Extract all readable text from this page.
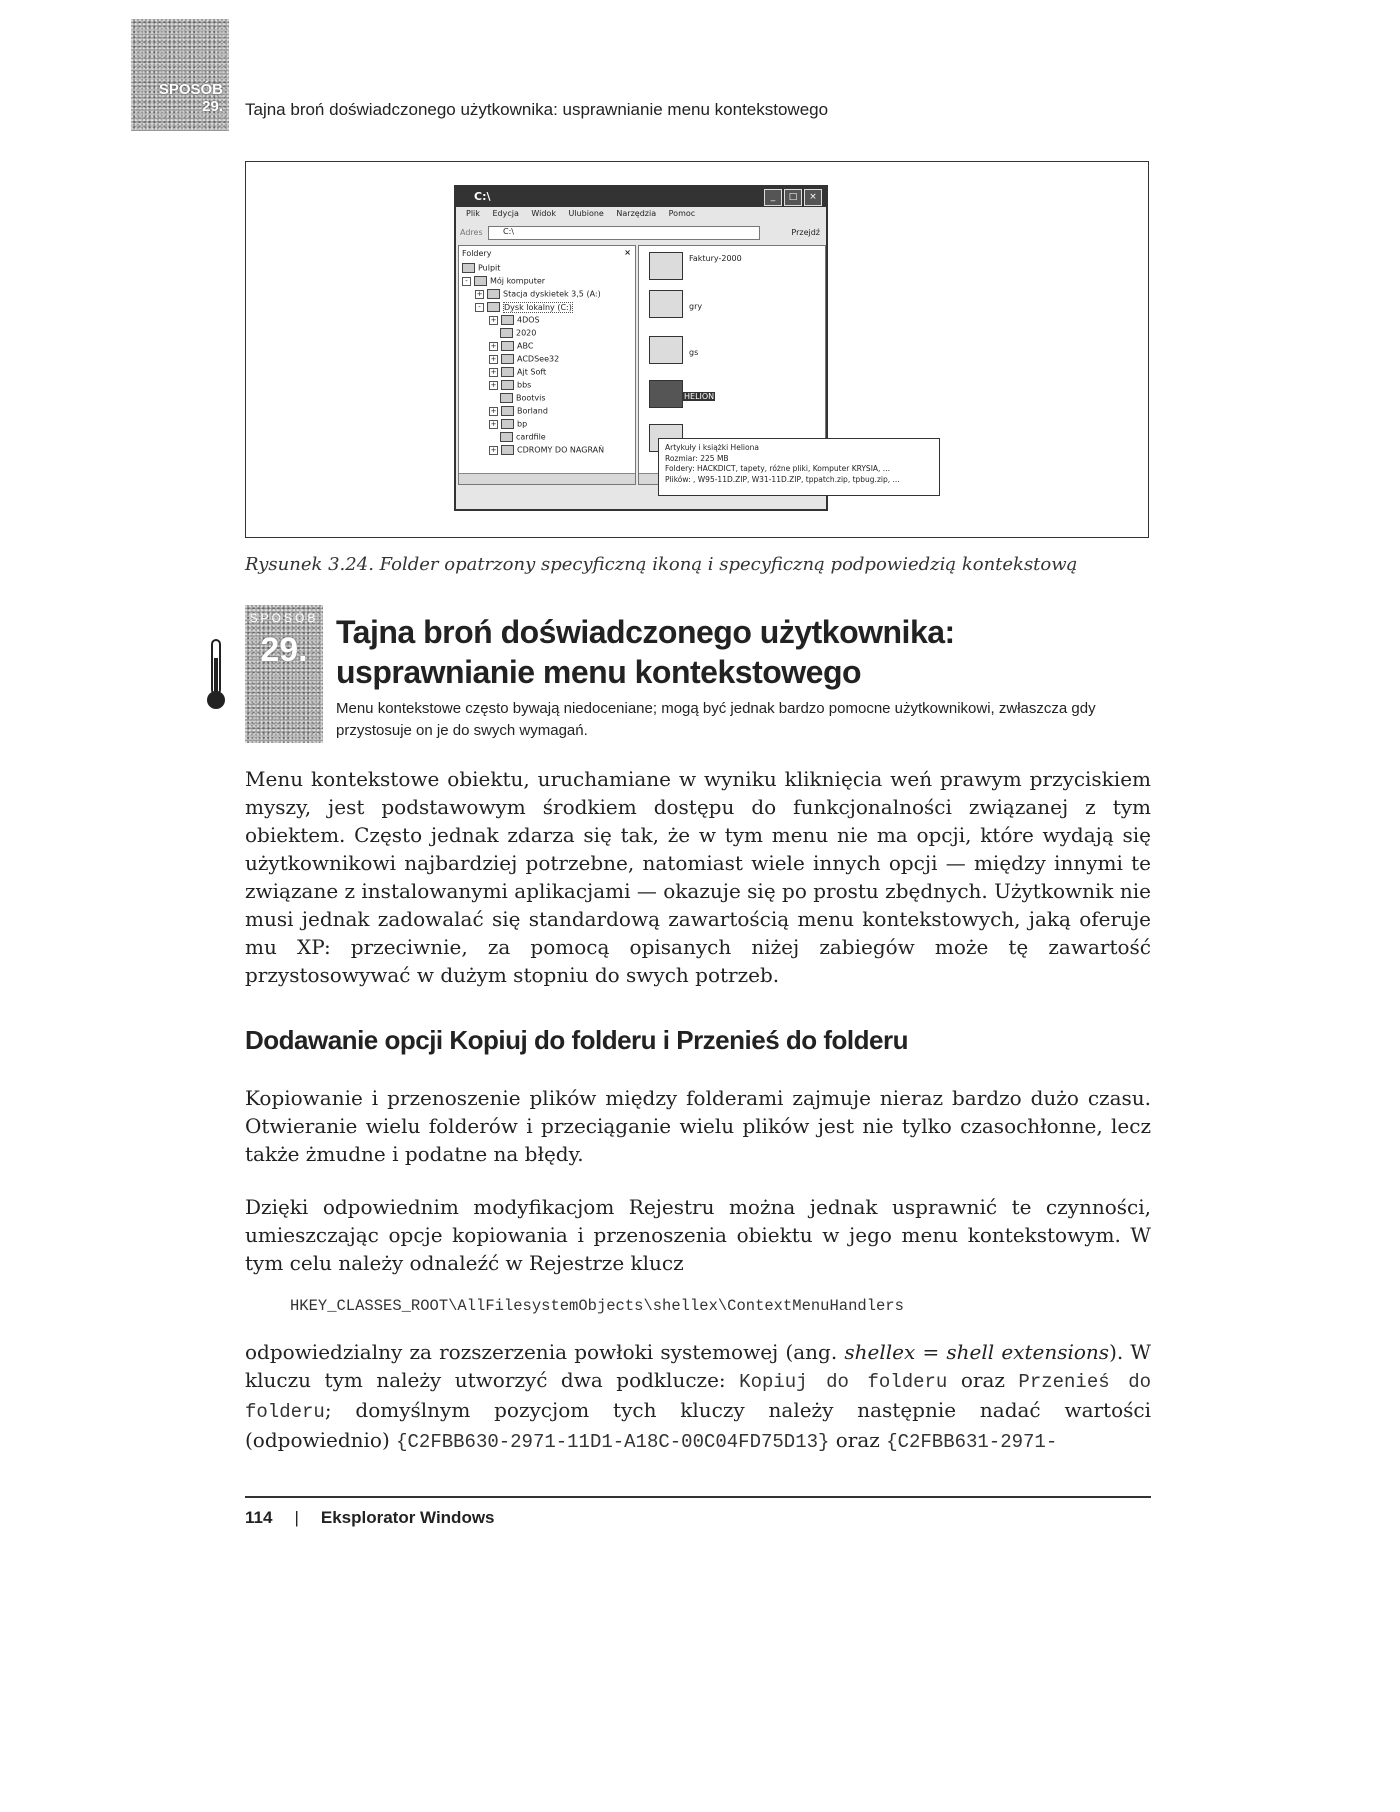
SPOSÓB
29. Tajna broń doświadczonego użytkownika: usprawnianie menu kontekstowego
C:\	_	□	×
Plik Edycja Widok Ulubione Narzędzia Pomoc
Adres	C:\	Przejdź
Foldery	×
Pulpit
-	Mój komputer
+	Stacja dyskietek 3,5 (A:)
-	Dysk lokalny (C:)
+	4DOS
2020
+	ABC
+	ACDSee32
+	Ajt Soft
+	bbs
Bootvis
+	Borland
+	bp
cardfile
+	CDROMY DO NAGRAŃ
Faktury-2000
gry
gs
HELION
Artykuły i książki Heliona
Rozmiar: 225 MB
Foldery: HACKDICT, tapety, różne pliki, Komputer KRYSIA, ...
Plików: , W95-11D.ZIP, W31-11D.ZIP, tppatch.zip, tpbug.zip, ...
Rysunek 3.24. Folder opatrzony specyficzną ikoną i specyficzną podpowiedzią kontekstową
SPOSÓB
29. Tajna broń doświadczonego użytkownika:
usprawnianie menu kontekstowego
Menu kontekstowe często bywają niedoceniane; mogą być jednak bardzo pomocne użytkownikowi, zwłaszcza gdy przystosuje on je do swych wymagań.
Menu kontekstowe obiektu, uruchamiane w wyniku kliknięcia weń prawym przyciskiem myszy, jest podstawowym środkiem dostępu do funkcjonalności związanej z tym obiektem. Często jednak zdarza się tak, że w tym menu nie ma opcji, które wydają się użytkownikowi najbardziej potrzebne, natomiast wiele innych opcji — między innymi te związane z instalowanymi aplikacjami — okazuje się po prostu zbędnych. Użytkownik nie musi jednak zadowalać się standardową zawartością menu kontekstowych, jaką oferuje mu XP: przeciwnie, za pomocą opisanych niżej zabiegów może tę zawartość przystosowywać w dużym stopniu do swych potrzeb.
Dodawanie opcji Kopiuj do folderu i Przenieś do folderu
Kopiowanie i przenoszenie plików między folderami zajmuje nieraz bardzo dużo czasu. Otwieranie wielu folderów i przeciąganie wielu plików jest nie tylko czasochłonne, lecz także żmudne i podatne na błędy.
Dzięki odpowiednim modyfikacjom Rejestru można jednak usprawnić te czynności, umieszczając opcje kopiowania i przenoszenia obiektu w jego menu kontekstowym. W tym celu należy odnaleźć w Rejestrze klucz
HKEY_CLASSES_ROOT\AllFilesystemObjects\shellex\ContextMenuHandlers
odpowiedzialny za rozszerzenia powłoki systemowej (ang. shellex = shell extensions). W kluczu tym należy utworzyć dwa podklucze: Kopiuj do folderu oraz Przenieś do folderu; domyślnym pozycjom tych kluczy należy następnie nadać wartości (odpowiednio) {C2FBB630-2971-11D1-A18C-00C04FD75D13} oraz {C2FBB631-2971-
114 | Eksplorator Windows
